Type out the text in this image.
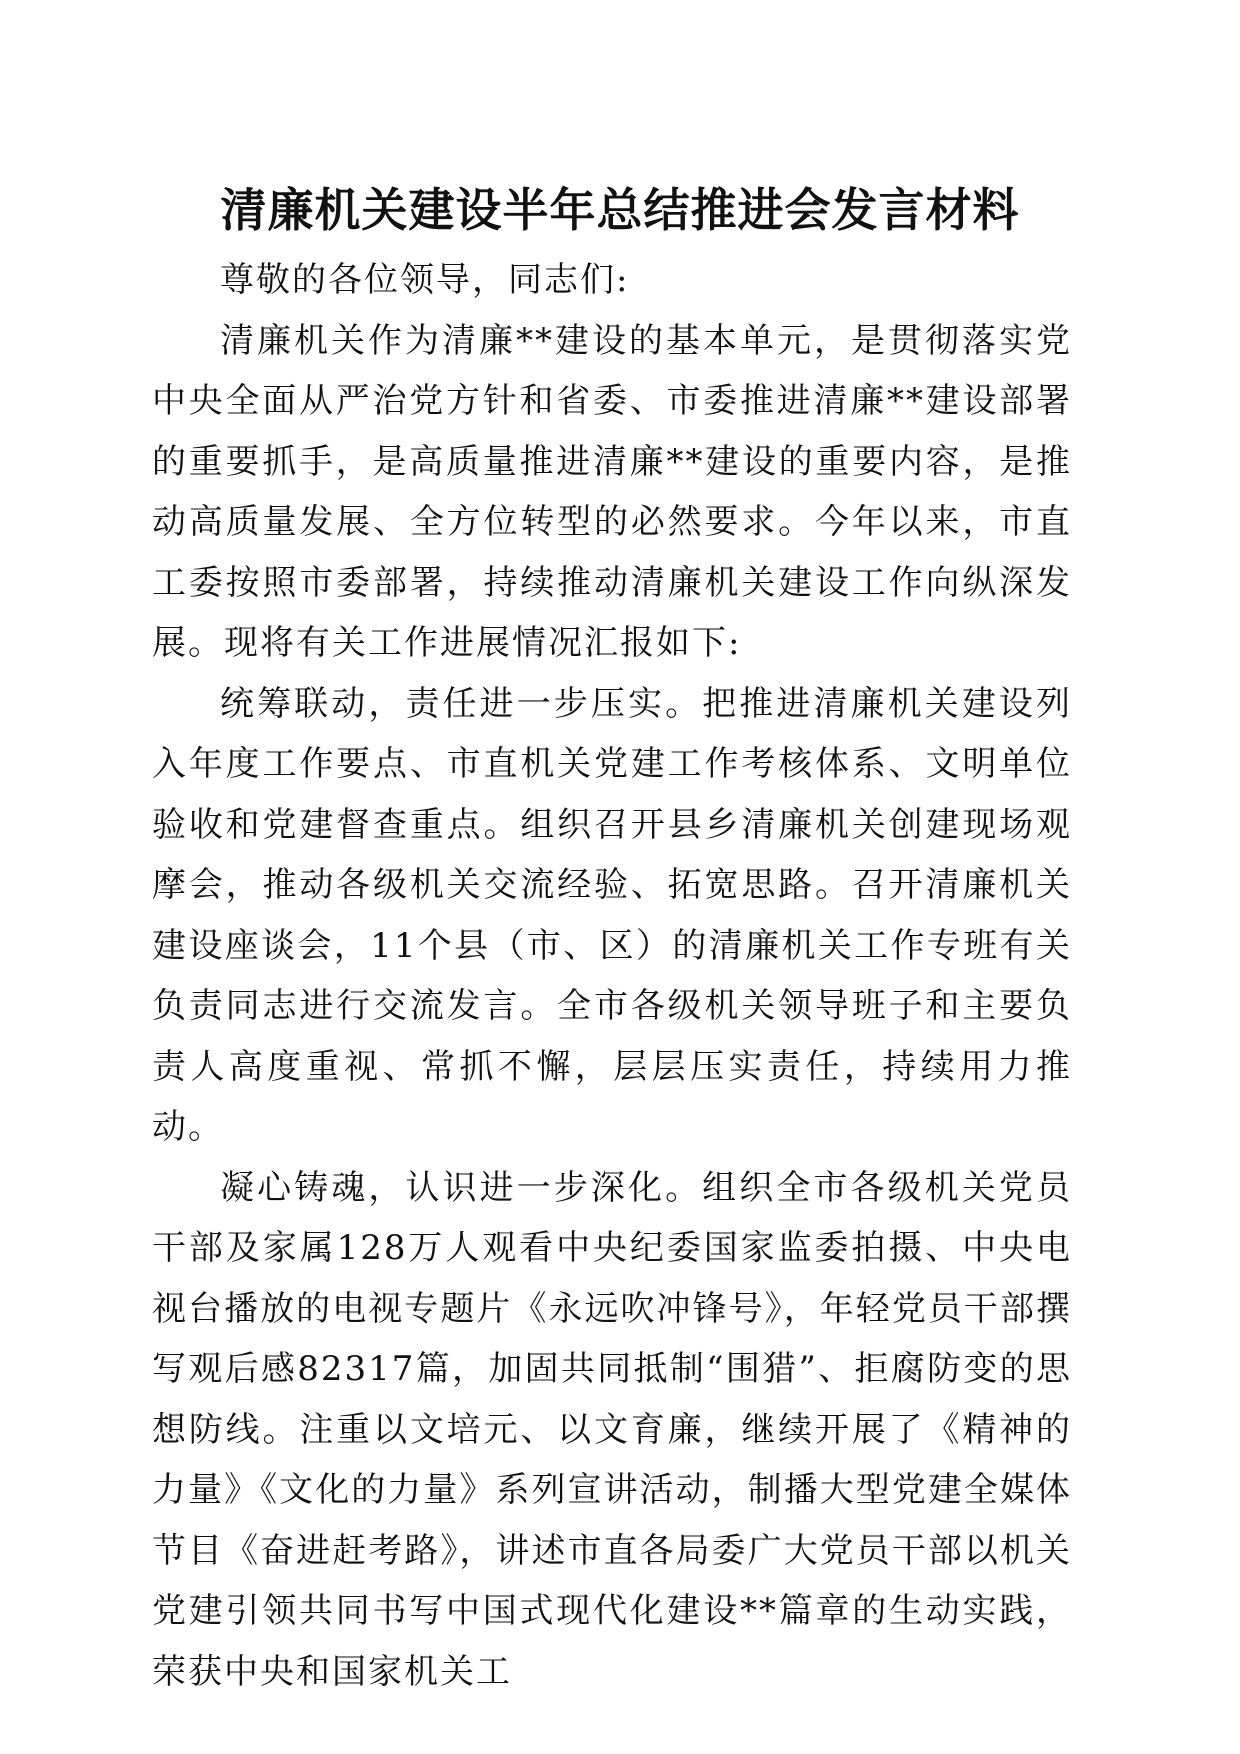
清廉机关建设半年总结推进会发言材料

尊敬的各位领导，同志们:

清廉机关作为清廉**建设的基本单元，是贯彻落实党中央全面从严治党方针和省委、市委推进清廉**建设部署的重要抓手，是高质量推进清廉**建设的重要内容，是推动高质量发展、全方位转型的必然要求。今年以来，市直工委按照市委部署，持续推动清廉机关建设工作向纵深发展。现将有关工作进展情况汇报如下:

统筹联动，责任进一步压实。把推进清廉机关建设列入年度工作要点、市直机关党建工作考核体系、文明单位验收和党建督查重点。组织召开县乡清廉机关创建现场观摩会，推动各级机关交流经验、拓宽思路。召开清廉机关建设座谈会，11个县（市、区）的清廉机关工作专班有关负责同志进行交流发言。全市各级机关领导班子和主要负责人高度重视、常抓不懈，层层压实责任，持续用力推动。

凝心铸魂，认识进一步深化。组织全市各级机关党员干部及家属128万人观看中央纪委国家监委拍摄、中央电视台播放的电视专题片《永远吹冲锋号》，年轻党员干部撰写观后感82317篇，加固共同抵制“围猎”、拒腐防变的思想防线。注重以文培元、以文育廉，继续开展了《精神的力量》《文化的力量》系列宣讲活动，制播大型党建全媒体节目《奋进赶考路》，讲述市直各局委广大党员干部以机关党建引领共同书写中国式现代化建设**篇章的生动实践，荣获中央和国家机关工
